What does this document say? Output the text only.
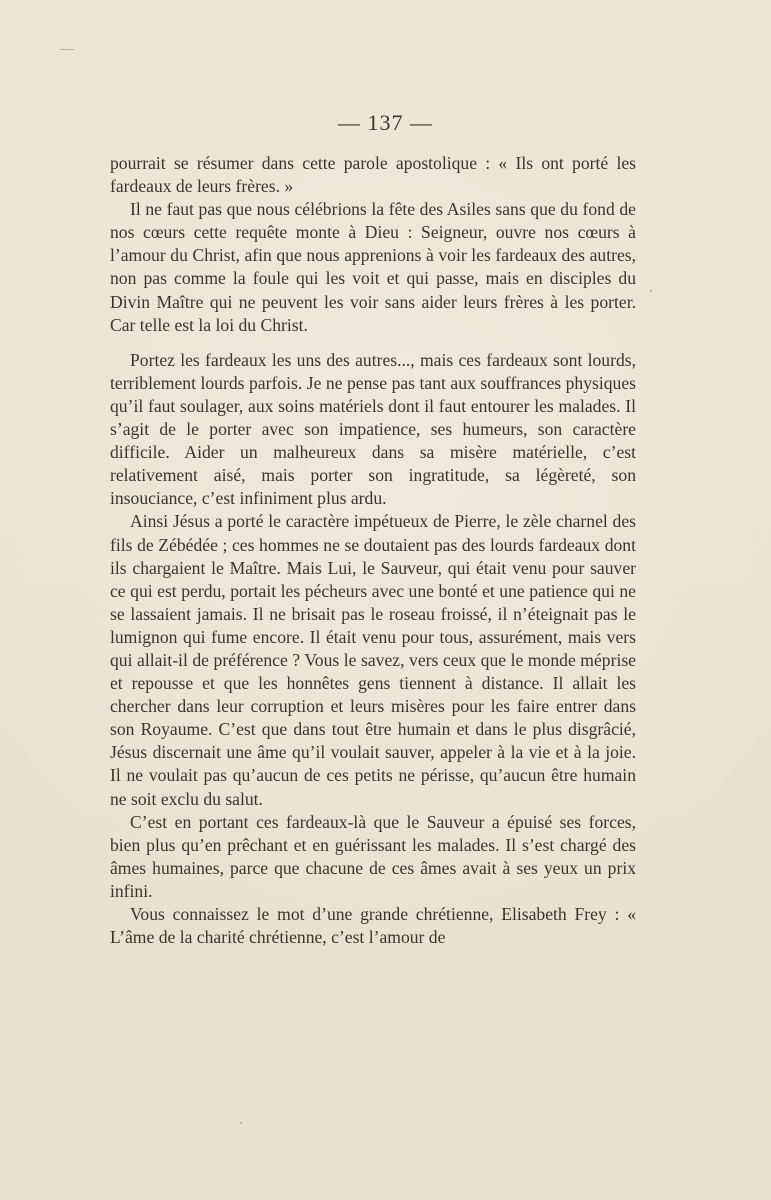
— 137 —

pourrait se résumer dans cette parole apostolique : « Ils ont porté les fardeaux de leurs frères. »

Il ne faut pas que nous célébrions la fête des Asiles sans que du fond de nos cœurs cette requête monte à Dieu : Seigneur, ouvre nos cœurs à l’amour du Christ, afin que nous apprenions à voir les fardeaux des autres, non pas comme la foule qui les voit et qui passe, mais en disciples du Divin Maître qui ne peuvent les voir sans aider leurs frères à les porter. Car telle est la loi du Christ.

Portez les fardeaux les uns des autres..., mais ces fardeaux sont lourds, terriblement lourds parfois. Je ne pense pas tant aux souffrances physiques qu’il faut soulager, aux soins matériels dont il faut entourer les malades. Il s’agit de le porter avec son impatience, ses humeurs, son caractère difficile. Aider un malheureux dans sa misère matérielle, c’est relativement aisé, mais porter son ingratitude, sa légèreté, son insouciance, c’est infiniment plus ardu.

Ainsi Jésus a porté le caractère impétueux de Pierre, le zèle charnel des fils de Zébédée ; ces hommes ne se doutaient pas des lourds fardeaux dont ils chargaient le Maître. Mais Lui, le Sauveur, qui était venu pour sauver ce qui est perdu, portait les pécheurs avec une bonté et une patience qui ne se lassaient jamais. Il ne brisait pas le roseau froissé, il n’éteignait pas le lumignon qui fume encore. Il était venu pour tous, assurément, mais vers qui allait-il de préférence ? Vous le savez, vers ceux que le monde méprise et repousse et que les honnêtes gens tiennent à distance. Il allait les chercher dans leur corruption et leurs misères pour les faire entrer dans son Royaume. C’est que dans tout être humain et dans le plus disgrâcié, Jésus discernait une âme qu’il voulait sauver, appeler à la vie et à la joie. Il ne voulait pas qu’aucun de ces petits ne périsse, qu’aucun être humain ne soit exclu du salut.

C’est en portant ces fardeaux-là que le Sauveur a épuisé ses forces, bien plus qu’en prêchant et en guérissant les malades. Il s’est chargé des âmes humaines, parce que chacune de ces âmes avait à ses yeux un prix infini.

Vous connaissez le mot d’une grande chrétienne, Elisabeth Frey : « L’âme de la charité chrétienne, c’est l’amour de
